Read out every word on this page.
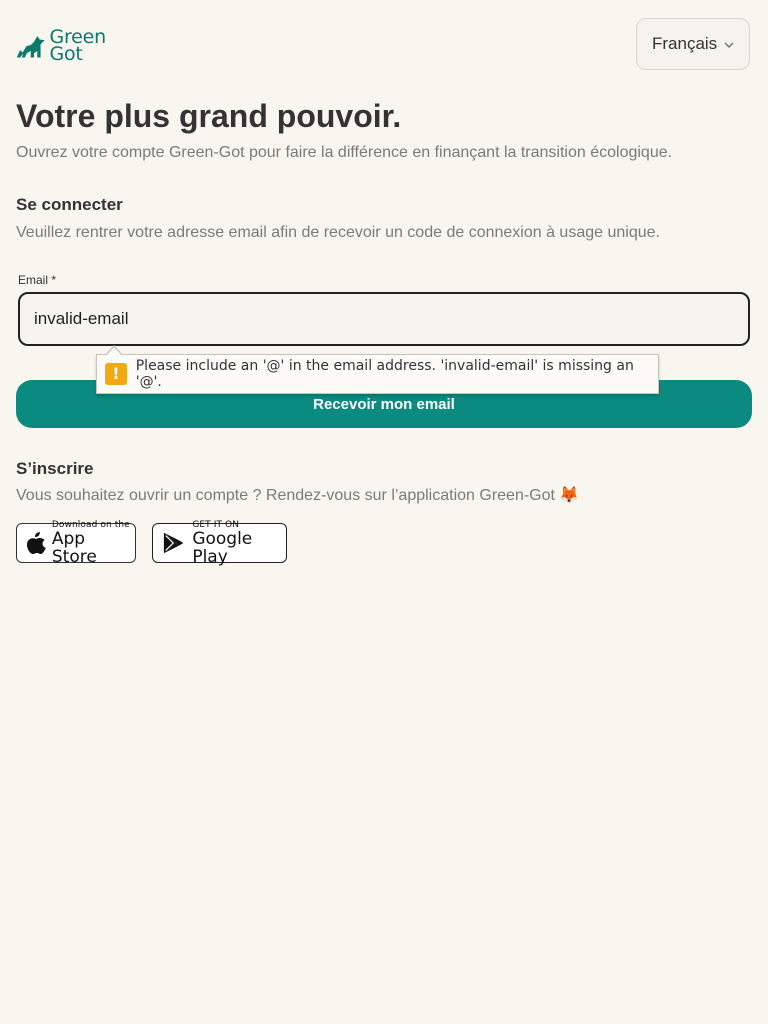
Green
Got	Français
Votre plus grand pouvoir.

Ouvrez votre compte Green-Got pour faire la différence en finançant la transition écologique.

Se connecter

Veuillez rentrer votre adresse email afin de recevoir un code de connexion à usage unique.

Email *
invalid-email
!	Please include an '@' in the email address. 'invalid-email' is missing an '@'.
Recevoir mon email
S’inscrire

Vous souhaitez ouvrir un compte ? Rendez-vous sur l’application Green-Got 🦊

Download on the
App Store
GET IT ON
Google Play
